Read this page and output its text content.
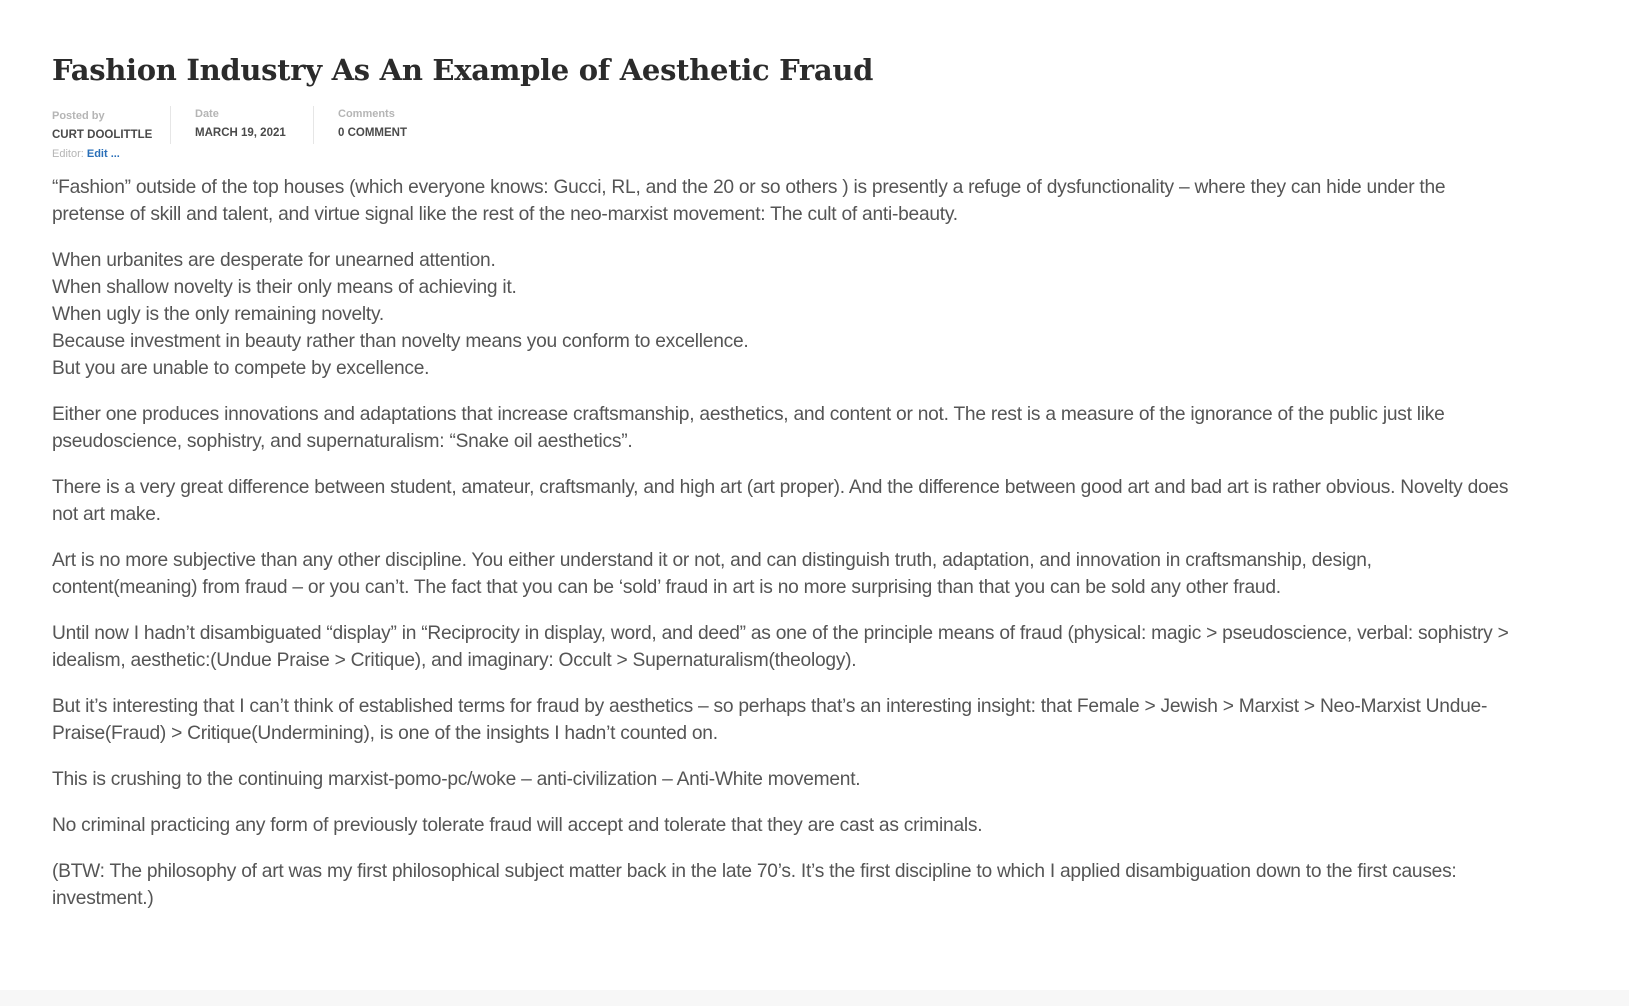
Fashion Industry As An Example of Aesthetic Fraud
Posted by
CURT DOOLITTLE
Editor: Edit ...
Date
MARCH 19, 2021
Comments
0 COMMENT

“Fashion” outside of the top houses (which everyone knows: Gucci, RL, and the 20 or so others ) is presently a refuge of dysfunctionality – where they can hide under the pretense of skill and talent, and virtue signal like the rest of the neo-marxist movement: The cult of anti-beauty.

When urbanites are desperate for unearned attention.
When shallow novelty is their only means of achieving it.
When ugly is the only remaining novelty.
Because investment in beauty rather than novelty means you conform to excellence.
But you are unable to compete by excellence.

Either one produces innovations and adaptations that increase craftsmanship, aesthetics, and content or not. The rest is a measure of the ignorance of the public just like pseudoscience, sophistry, and supernaturalism: “Snake oil aesthetics”.

There is a very great difference between student, amateur, craftsmanly, and high art (art proper). And the difference between good art and bad art is rather obvious. Novelty does not art make.

Art is no more subjective than any other discipline. You either understand it or not, and can distinguish truth, adaptation, and innovation in craftsmanship, design, content(meaning) from fraud – or you can’t. The fact that you can be ‘sold’ fraud in art is no more surprising than that you can be sold any other fraud.

Until now I hadn’t disambiguated “display” in “Reciprocity in display, word, and deed” as one of the principle means of fraud (physical: magic > pseudoscience, verbal: sophistry > idealism, aesthetic:(Undue Praise > Critique), and imaginary: Occult > Supernaturalism(theology).

But it’s interesting that I can’t think of established terms for fraud by aesthetics – so perhaps that’s an interesting insight: that Female > Jewish > Marxist > Neo-Marxist Undue-Praise(Fraud) > Critique(Undermining), is one of the insights I hadn’t counted on.

This is crushing to the continuing marxist-pomo-pc/woke – anti-civilization – Anti-White movement.

No criminal practicing any form of previously tolerate fraud will accept and tolerate that they are cast as criminals.

(BTW: The philosophy of art was my first philosophical subject matter back in the late 70’s. It’s the first discipline to which I applied disambiguation down to the first causes: investment.)
